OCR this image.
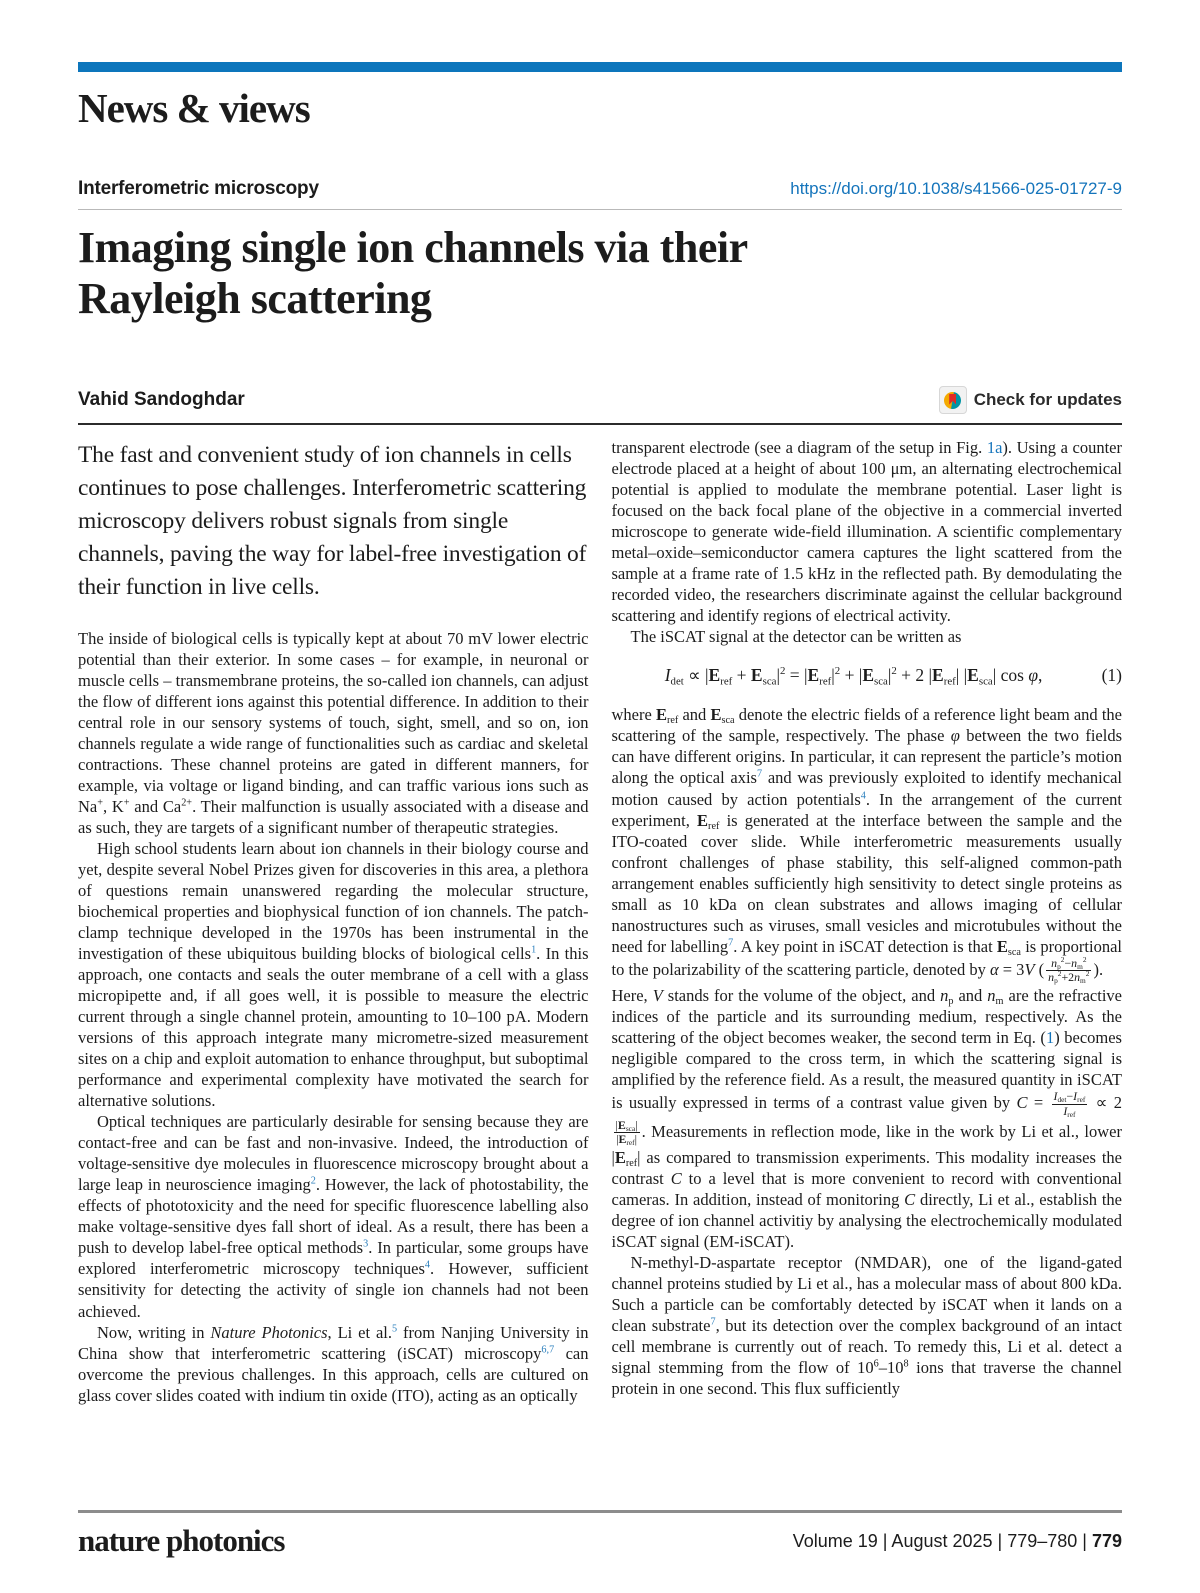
News & views
Interferometric microscopy	https://doi.org/10.1038/s41566-025-01727-9
Imaging single ion channels via their
Rayleigh scattering
Vahid Sandoghdar	Check for updates
The fast and convenient study of ion channels in cells continues to pose challenges. Interferometric scattering microscopy delivers robust signals from single channels, paving the way for label-free investigation of their function in live cells.

The inside of biological cells is typically kept at about 70 mV lower electric potential than their exterior. In some cases – for example, in neuronal or muscle cells – transmembrane proteins, the so-called ion channels, can adjust the flow of different ions against this potential difference. In addition to their central role in our sensory systems of touch, sight, smell, and so on, ion channels regulate a wide range of functionalities such as cardiac and skeletal contractions. These channel proteins are gated in different manners, for example, via voltage or ligand binding, and can traffic various ions such as Na+, K+ and $Ca^{2+}$. Their malfunction is usually associated with a disease and as such, they are targets of a significant number of therapeutic strategies.

High school students learn about ion channels in their biology course and yet, despite several Nobel Prizes given for discoveries in this area, a plethora of questions remain unanswered regarding the molecular structure, biochemical properties and biophysical function of ion channels. The patch-clamp technique developed in the 1970s has been instrumental in the investigation of these ubiquitous building blocks of biological cells$^1$. In this approach, one contacts and seals the outer membrane of a cell with a glass micropipette and, if all goes well, it is possible to measure the electric current through a single channel protein, amounting to 10–100 pA. Modern versions of this approach integrate many micrometre-sized measurement sites on a chip and exploit automation to enhance throughput, but suboptimal performance and experimental complexity have motivated the search for alternative solutions.

Optical techniques are particularly desirable for sensing because they are contact-free and can be fast and non-invasive. Indeed, the introduction of voltage-sensitive dye molecules in fluorescence microscopy brought about a large leap in neuroscience imaging$^2$. However, the lack of photostability, the effects of phototoxicity and the need for specific fluorescence labelling also make voltage-sensitive dyes fall short of ideal. As a result, there has been a push to develop label-free optical methods$^3$. In particular, some groups have explored interferometric microscopy techniques$^4$. However, sufficient sensitivity for detecting the activity of single ion channels had not been achieved.

Now, writing in Nature Photonics, Li et al.$^5$ from Nanjing University in China show that interferometric scattering (iSCAT) microscopy$^{6,7}$ can overcome the previous challenges. In this approach, cells are cultured on glass cover slides coated with indium tin oxide (ITO), acting as an optically

transparent electrode (see a diagram of the setup in Fig. 1a). Using a counter electrode placed at a height of about 100 μm, an alternating electrochemical potential is applied to modulate the membrane potential. Laser light is focused on the back focal plane of the objective in a commercial inverted microscope to generate wide-field illumination. A scientific complementary metal–oxide–semiconductor camera captures the light scattered from the sample at a frame rate of 1.5 kHz in the reflected path. By demodulating the recorded video, the researchers discriminate against the cellular background scattering and identify regions of electrical activity.

The iSCAT signal at the detector can be written as

$I_{det} \propto |E_{ref} + E_{sca}|^2 = |E_{ref}|^2 + |E_{sca}|^2 + 2$ $|E_{ref}|$ $|E_{sca}|$ cos φ,	(1)

where $E_{ref}$ and $E_{sca}$ denote the electric fields of a reference light beam and the scattering of the sample, respectively. The phase φ between the two fields can have different origins. In particular, it can represent the particle’s motion along the optical axis$^7$ and was previously exploited to identify mechanical motion caused by action potentials$^4$. In the arrangement of the current experiment, $E_{ref}$ is generated at the interface between the sample and the ITO-coated cover slide. While interferometric measurements usually confront challenges of phase stability, this self-aligned common-path arrangement enables sufficiently high sensitivity to detect single proteins as small as 10 kDa on clean substrates and allows imaging of cellular nanostructures such as viruses, small vesicles and microtubules without the need for labelling$^7$. A key point in iSCAT detection is that $E_{sca}$ is proportional to the polarizability of the scattering particle, denoted by α = 3V ( $\frac{n_p^2-n_m^2}{n_p^2+2n_m^2}$ ).

Here, V stands for the volume of the object, and $n_p$ and $n_m$ are the refractive indices of the particle and its surrounding medium, respectively. As the scattering of the object becomes weaker, the second term in Eq. (1) becomes negligible compared to the cross term, in which the scattering signal is amplified by the reference field. As a result, the measured quantity in iSCAT is usually expressed in terms of a contrast value given by $C = \frac{I_{det}-I_{ref}}{I_{ref}} \propto 2$
$\frac{|E_{sca}|}{|E_{ref}|}$ . Measurements in reflection mode, like in the work by Li et al., lower $|E_{ref}|$ as compared to transmission experiments. This modality increases the contrast C to a level that is more convenient to record with conventional cameras. In addition, instead of monitoring C directly, Li et al., establish the degree of ion channel activitiy by analysing the electrochemically modulated iSCAT signal (EM-iSCAT).

N-methyl-D-aspartate receptor (NMDAR), one of the ligand-gated channel proteins studied by Li et al., has a molecular mass of about 800 kDa. Such a particle can be comfortably detected by iSCAT when it lands on a clean substrate$^7$, but its detection over the complex background of an intact cell membrane is currently out of reach. To remedy this, Li et al. detect a signal stemming from the flow of $10^6-10^8$ ions that traverse the channel protein in one second. This flux sufficiently

nature photonics	Volume 19 | August 2025 | 779–780 | 779
